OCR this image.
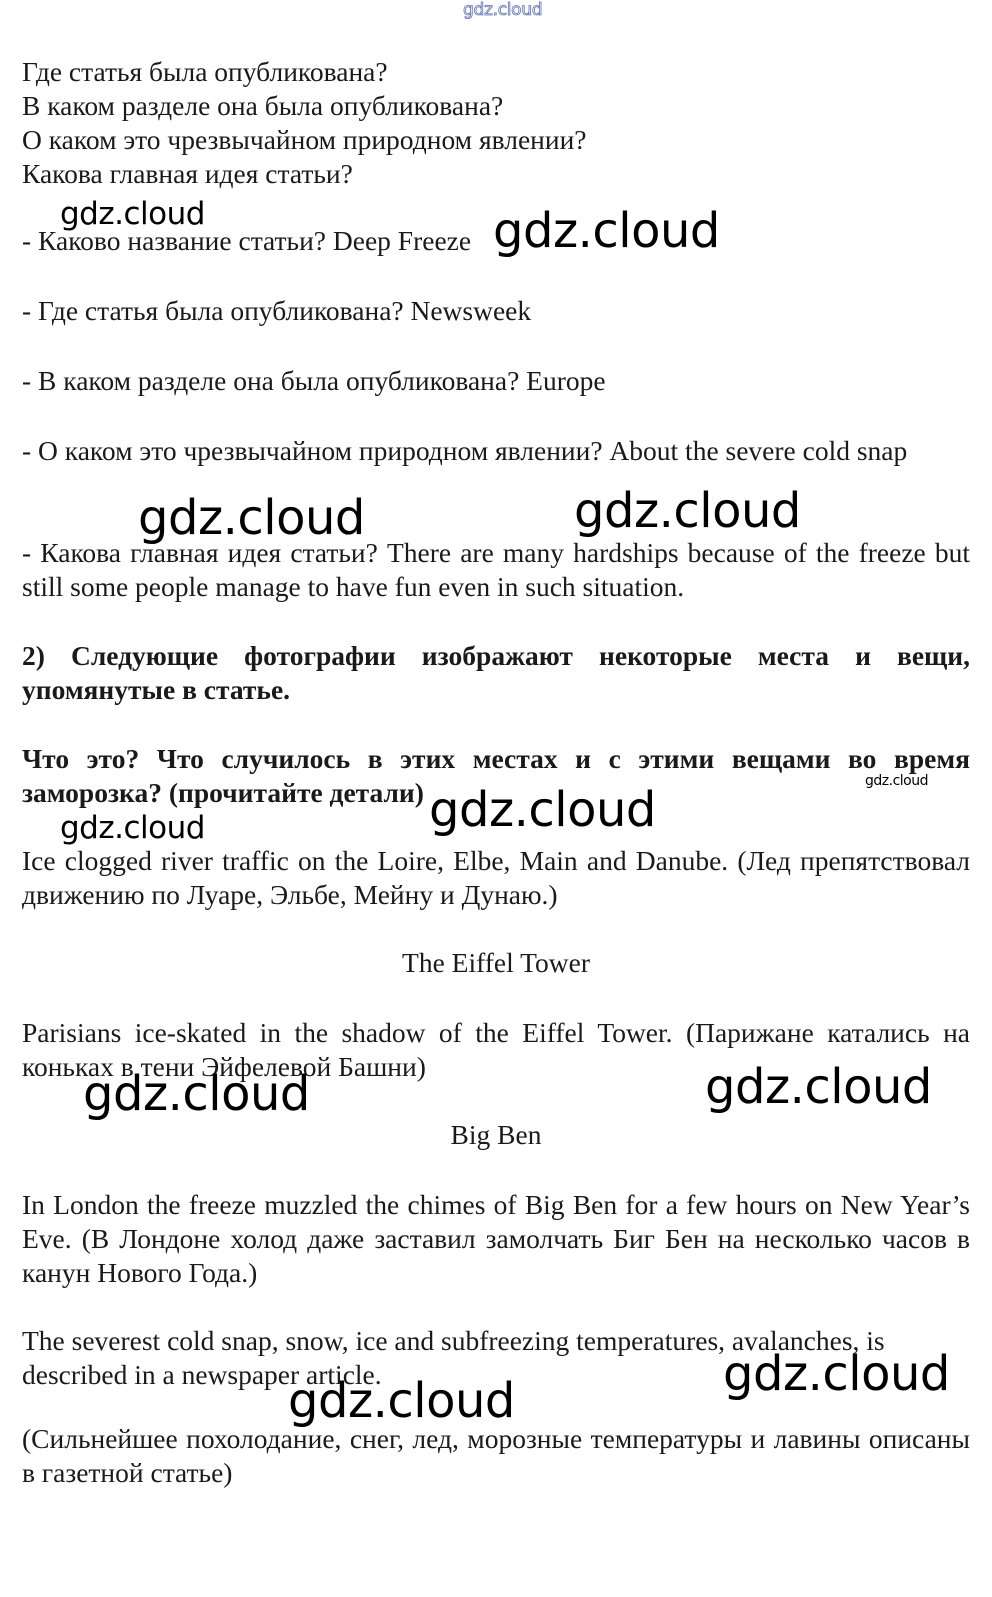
gdz.cloud
Где статья была опубликована?
В каком разделе она была опубликована?
О каком это чрезвычайном природном явлении?
Какова главная идея статьи?

- Каково название статьи? Deep Freeze

- Где статья была опубликована? Newsweek

- В каком разделе она была опубликована? Europe

- О каком это чрезвычайном природном явлении? About the severe cold snap

- Какова главная идея статьи? There are many hardships because of the freeze but still some people manage to have fun even in such situation.

2) Следующие фотографии изображают некоторые места и вещи, упомянутые в статье.

Что это? Что случилось в этих местах и с этими вещами во время заморозка? (прочитайте детали)

Ice clogged river traffic on the Loire, Elbe, Main and Danube. (Лед препятствовал движению по Луаре, Эльбе, Мейну и Дунаю.)

The Eiffel Tower

Parisians ice-skated in the shadow of the Eiffel Tower. (Парижане катались на коньках в тени Эйфелевой Башни)

Big Ben

In London the freeze muzzled the chimes of Big Ben for a few hours on New Year’s Eve. (В Лондоне холод даже заставил замолчать Биг Бен на несколько часов в канун Нового Года.)

The severest cold snap, snow, ice and subfreezing temperatures, avalanches, is described in a newspaper article.

(Сильнейшее похолодание, снег, лед, морозные температуры и лавины описаны в газетной статье)

gdz.cloud	gdz.cloud
gdz.cloud	gdz.cloud
gdz.cloud
gdz.cloud
gdz.cloud
gdz.cloud	gdz.cloud
gdz.cloud
gdz.cloud
